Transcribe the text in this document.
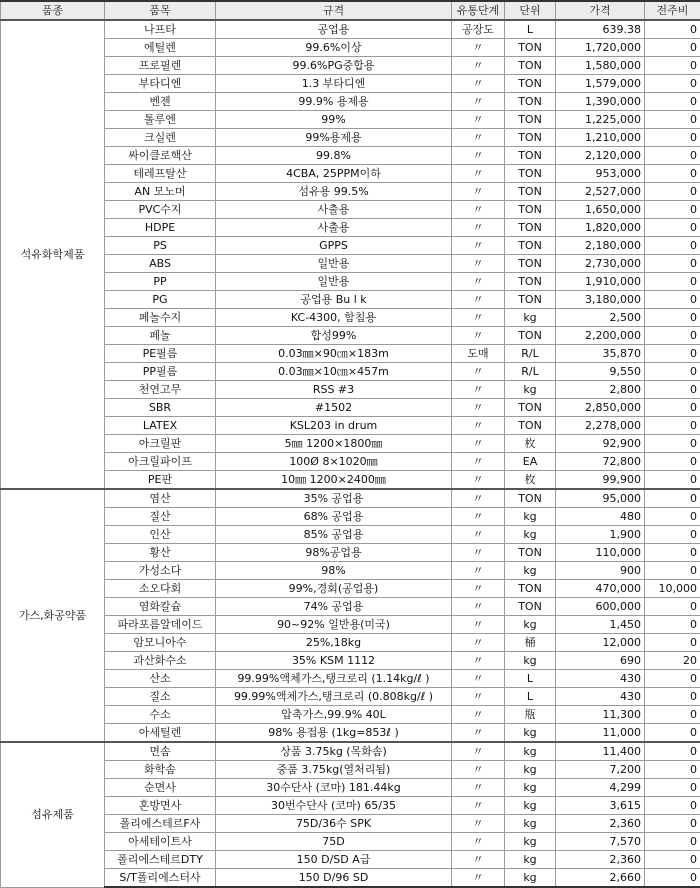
품종	품목	규격	유통단계	단위	가격	전주비
석유화학제품	나프타	공업용	공장도	L	639.38	0
	에틸렌	99.6%이상	〃	TON	1,720,000	0
	프로필렌	99.6%PG중합용	〃	TON	1,580,000	0
	부타디엔	1.3 부타디엔	〃	TON	1,579,000	0
	벤젠	99.9% 용제용	〃	TON	1,390,000	0
	톨루엔	99%	〃	TON	1,225,000	0
	크실렌	99%용제용	〃	TON	1,210,000	0
	싸이클로핵산	99.8%	〃	TON	2,120,000	0
	테레프탈산	4CBA, 25PPM이하	〃	TON	953,000	0
	AN 모노머	섬유용 99.5%	〃	TON	2,527,000	0
	PVC수지	사출용	〃	TON	1,650,000	0
	HDPE	사출용	〃	TON	1,820,000	0
	PS	GPPS	〃	TON	2,180,000	0
	ABS	일반용	〃	TON	2,730,000	0
	PP	일반용	〃	TON	1,910,000	0
	PG	공업용 Bu l k	〃	TON	3,180,000	0
	페놀수지	KC-4300, 함침용	〃	kg	2,500	0
	페놀	합성99%	〃	TON	2,200,000	0
	PE필름	0.03㎜×90㎝×183m	도매	R/L	35,870	0
	PP필름	0.03㎜×10㎝×457m	〃	R/L	9,550	0
	천연고무	RSS #3	〃	kg	2,800	0
	SBR	#1502	〃	TON	2,850,000	0
	LATEX	KSL203 in drum	〃	TON	2,278,000	0
	아크릴판	5㎜ 1200×1800㎜	〃	枚	92,900	0
	아크릴파이프	100Ø 8×1020㎜	〃	EA	72,800	0
	PE판	10㎜ 1200×2400㎜	〃	枚	99,900	0
가스,화공약품	염산	35% 공업용	〃	TON	95,000	0
	질산	68% 공업용	〃	kg	480	0
	인산	85% 공업용	〃	kg	1,900	0
	황산	98%공업용	〃	TON	110,000	0
	가성소다	98%	〃	kg	900	0
	소오다회	99%,경회(공업용)	〃	TON	470,000	10,000
	염화칼슘	74% 공업용	〃	TON	600,000	0
	파라포름알데이드	90~92% 일반용(미국)	〃	kg	1,450	0
	암모니아수	25%,18kg	〃	桶	12,000	0
	과산화수소	35% KSM 1112	〃	kg	690	20
	산소	99.99%액체가스,탱크로리 (1.14kg/ℓ )	〃	L	430	0
	질소	99.99%액체가스,탱크로리 (0.808kg/ℓ )	〃	L	430	0
	수소	압축가스,99.9% 40L	〃	甁	11,300	0
	아세틸렌	98% 용접용 (1kg=853ℓ )	〃	kg	11,000	0
섬유제품	면솜	상품 3.75kg (목화솜)	〃	kg	11,400	0
	화학솜	중품 3.75kg(열처리됨)	〃	kg	7,200	0
	순면사	30수단사 (코마) 181.44kg	〃	kg	4,299	0
	혼방면사	30번수단사 (코마) 65/35	〃	kg	3,615	0
	폴리에스테르F사	75D/36수 SPK	〃	kg	2,360	0
	아세테이트사	75D	〃	kg	7,570	0
	폴리에스테르DTY	150 D/SD A급	〃	kg	2,360	0
	S/T폴리에스터사	150 D/96 SD	〃	kg	2,660	0
